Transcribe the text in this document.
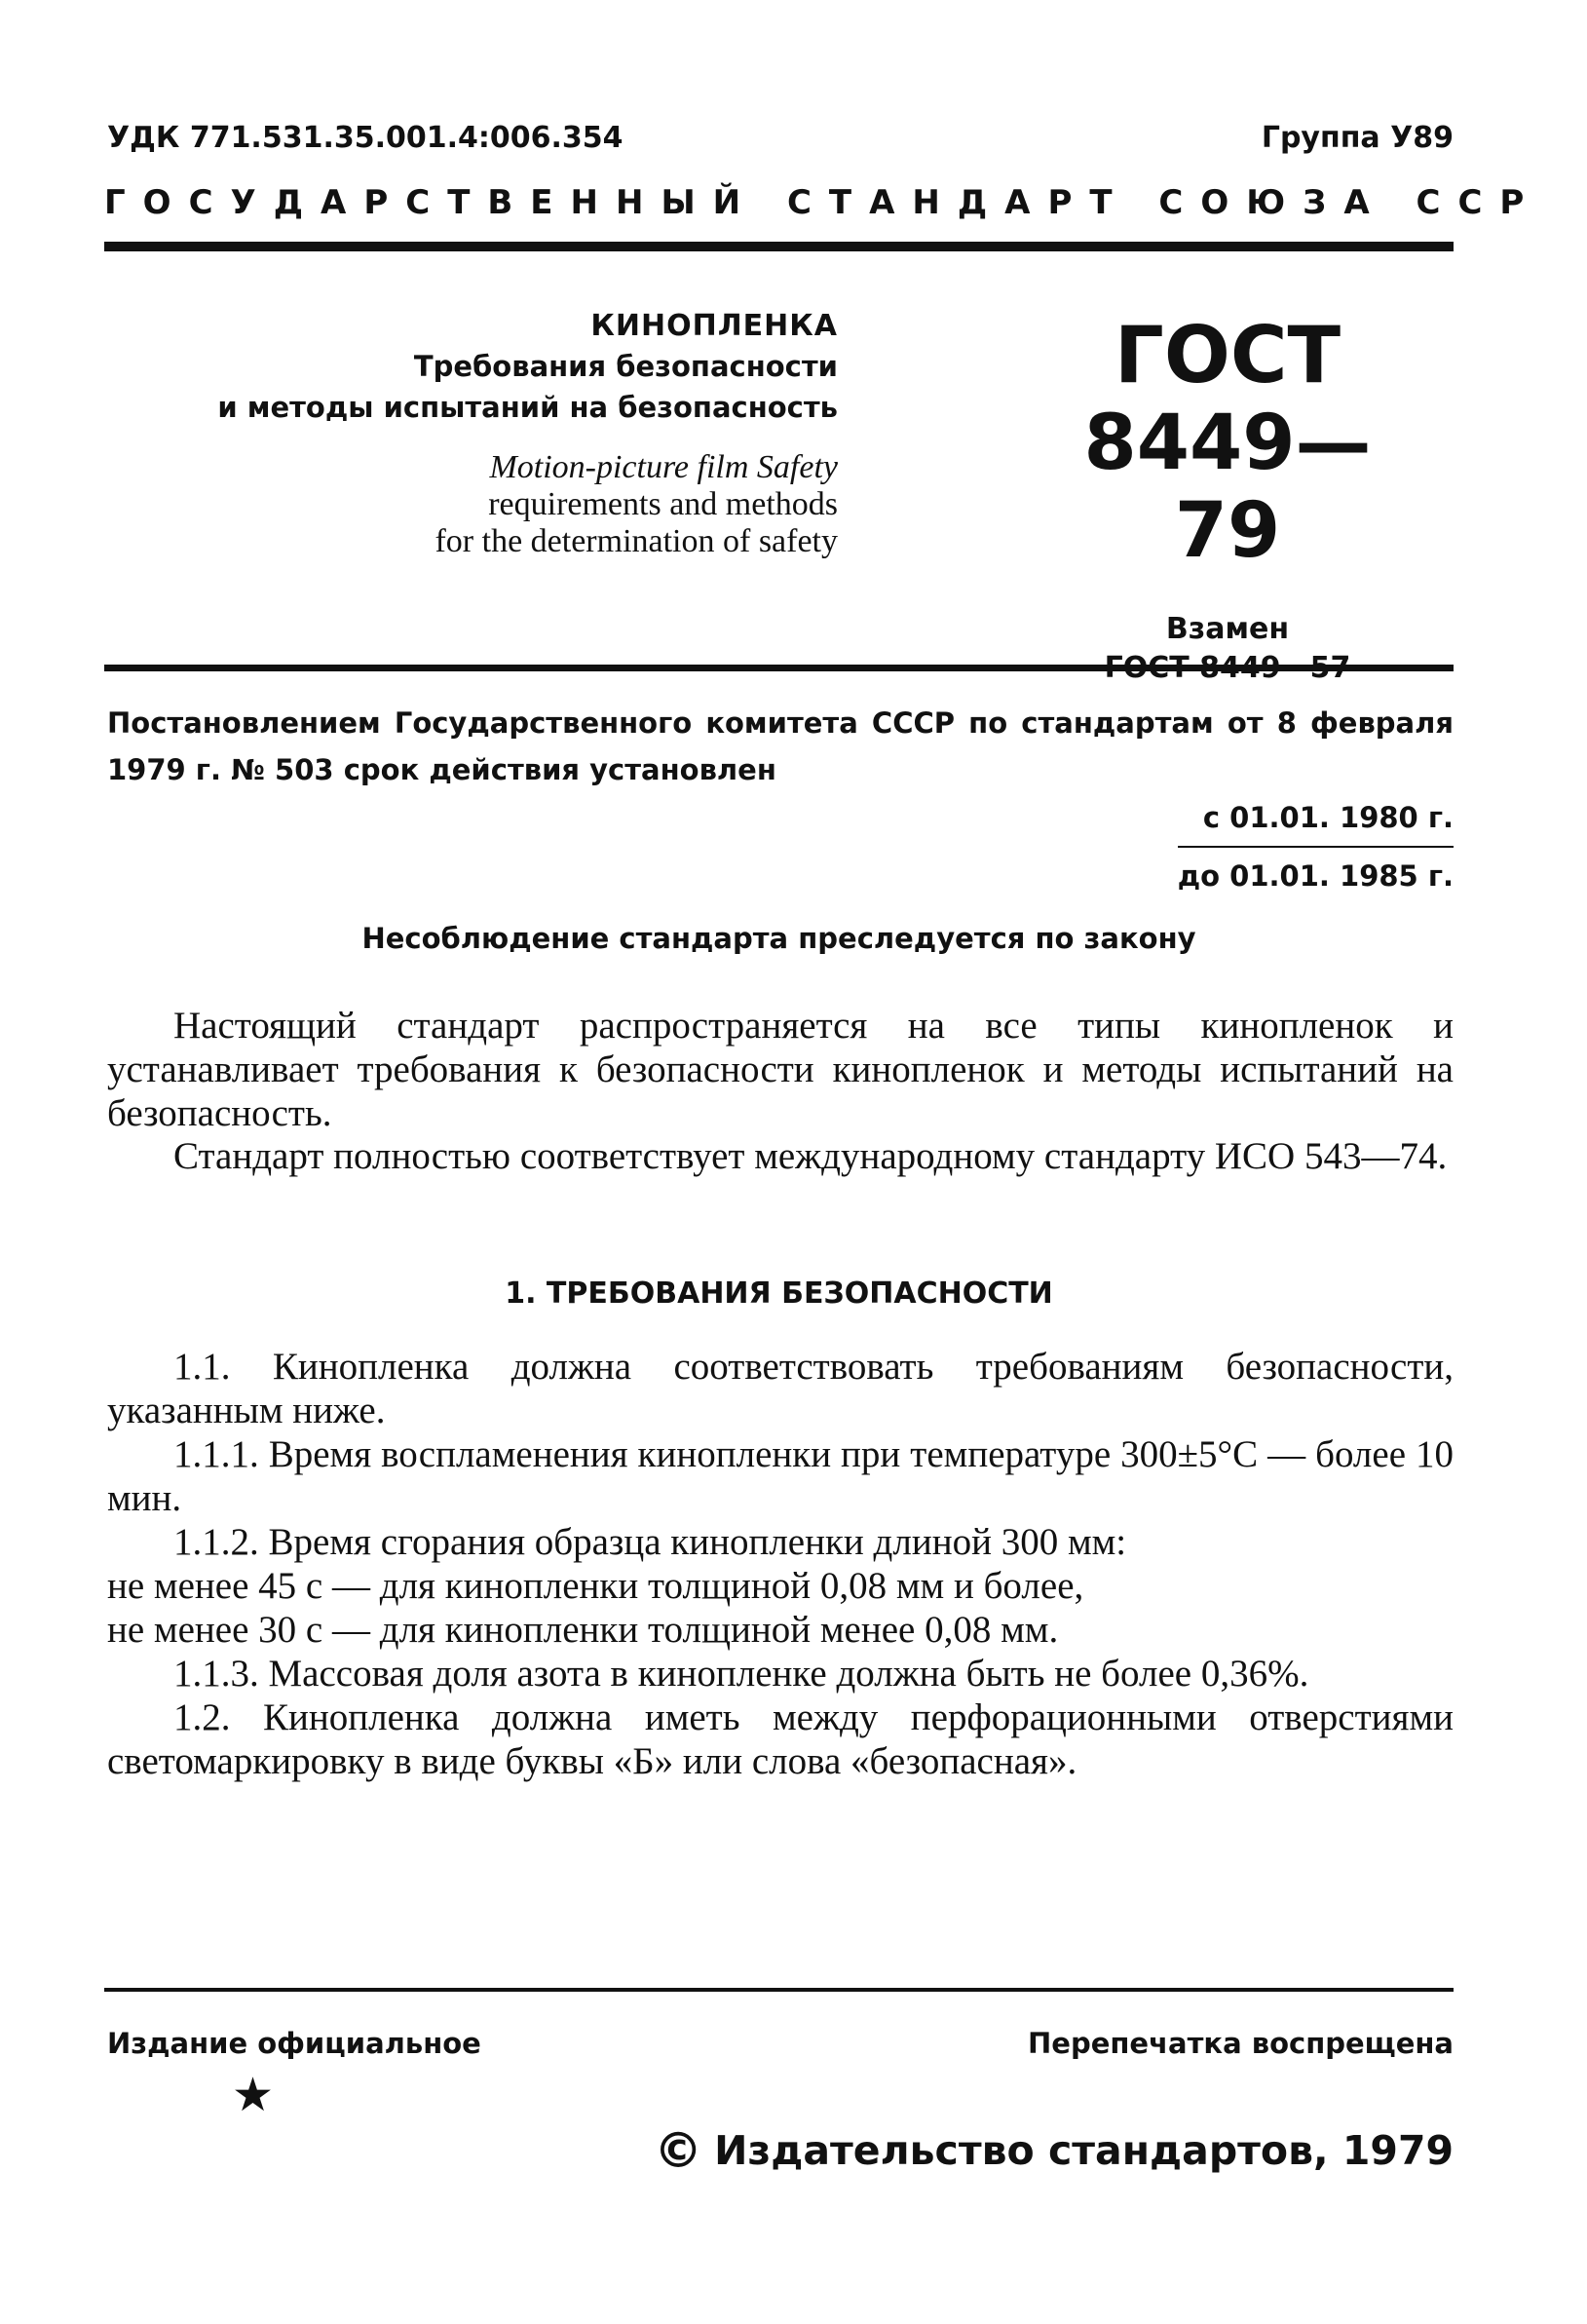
УДК 771.531.35.001.4:006.354	Группа У89
ГОСУДАРСТВЕННЫЙ СТАНДАРТ СОЮЗА ССР
КИНОПЛЕНКА
Требования безопасности
и методы испытаний на безопасность
Motion-picture film Safety
requirements and methods
for the determination of safety
ГОСТ
8449—79
Взамен
Постановлением Государственного комитета СССР по стандартам от 8 февраля 1979 г. № 503 срок действия установлен
с 01.01. 1980 г.
до 01.01. 1985 г.
Несоблюдение стандарта преследуется по закону
Настоящий стандарт распространяется на все типы кинопленок и устанавливает требования к безопасности кинопленок и методы испытаний на безопасность.
Стандарт полностью соответствует международному стандарту ИСО 543—74.
1. ТРЕБОВАНИЯ БЕЗОПАСНОСТИ
1.1. Кинопленка должна соответствовать требованиям безопасности, указанным ниже.
1.1.1. Время воспламенения кинопленки при температуре 300±5°С — более 10 мин.
1.1.2. Время сгорания образца кинопленки длиной 300 мм:
не менее 45 с — для кинопленки толщиной 0,08 мм и более,
не менее 30 с — для кинопленки толщиной менее 0,08 мм.
1.1.3. Массовая доля азота в кинопленке должна быть не более 0,36%.
1.2. Кинопленка должна иметь между перфорационными отверстиями светомаркировку в виде буквы «Б» или слова «безопасная».
Издание официальное	Перепечатка воспрещена
★
© Издательство стандартов, 1979
